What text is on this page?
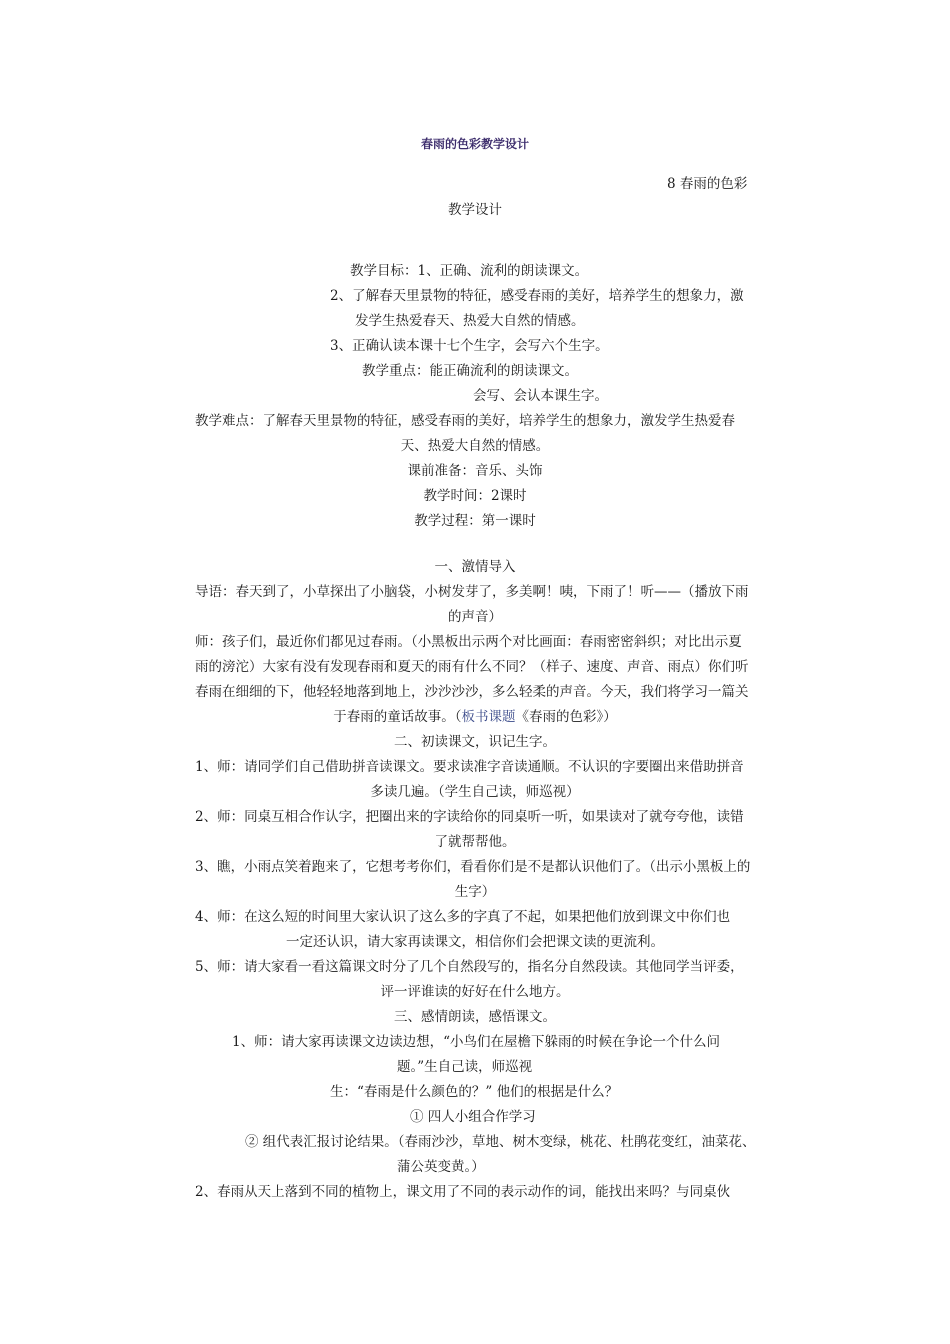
春雨的色彩教学设计
8 春雨的色彩
教学设计
教学目标：1、正确、流利的朗读课文。
2、了解春天里景物的特征，感受春雨的美好，培养学生的想象力，激
发学生热爱春天、热爱大自然的情感。
3、正确认读本课十七个生字，会写六个生字。
教学重点：能正确流利的朗读课文。
会写、会认本课生字。
教学难点：了解春天里景物的特征，感受春雨的美好，培养学生的想象力，激发学生热爱春
天、热爱大自然的情感。
课前准备：音乐、头饰
教学时间：2课时
教学过程：第一课时
一、激情导入
导语：春天到了，小草探出了小脑袋，小树发芽了，多美啊！咦，下雨了！听——（播放下雨
的声音）
师：孩子们，最近你们都见过春雨。（小黑板出示两个对比画面：春雨密密斜织；对比出示夏
雨的滂沱）大家有没有发现春雨和夏天的雨有什么不同？（样子、速度、声音、雨点）你们听
春雨在细细的下，他轻轻地落到地上，沙沙沙沙，多么轻柔的声音。今天，我们将学习一篇关
于春雨的童话故事。（板书课题《春雨的色彩》）
二、初读课文，识记生字。
1、师：请同学们自己借助拼音读课文。要求读准字音读通顺。不认识的字要圈出来借助拼音
多读几遍。（学生自己读，师巡视）
2、师：同桌互相合作认字，把圈出来的字读给你的同桌听一听，如果读对了就夸夸他，读错
了就帮帮他。
3、瞧，小雨点笑着跑来了，它想考考你们，看看你们是不是都认识他们了。（出示小黑板上的
生字）
4、师：在这么短的时间里大家认识了这么多的字真了不起，如果把他们放到课文中你们也
一定还认识，请大家再读课文，相信你们会把课文读的更流利。
5、师：请大家看一看这篇课文时分了几个自然段写的，指名分自然段读。其他同学当评委，
评一评谁读的好好在什么地方。
三、感情朗读，感悟课文。
1、师：请大家再读课文边读边想，“小鸟们在屋檐下躲雨的时候在争论一个什么问
题。”生自己读，师巡视
生：“春雨是什么颜色的？” 他们的根据是什么？
① 四人小组合作学习
② 组代表汇报讨论结果。（春雨沙沙，草地、树木变绿，桃花、杜鹃花变红，油菜花、
蒲公英变黄。）
2、春雨从天上落到不同的植物上，课文用了不同的表示动作的词，能找出来吗？与同桌伙
